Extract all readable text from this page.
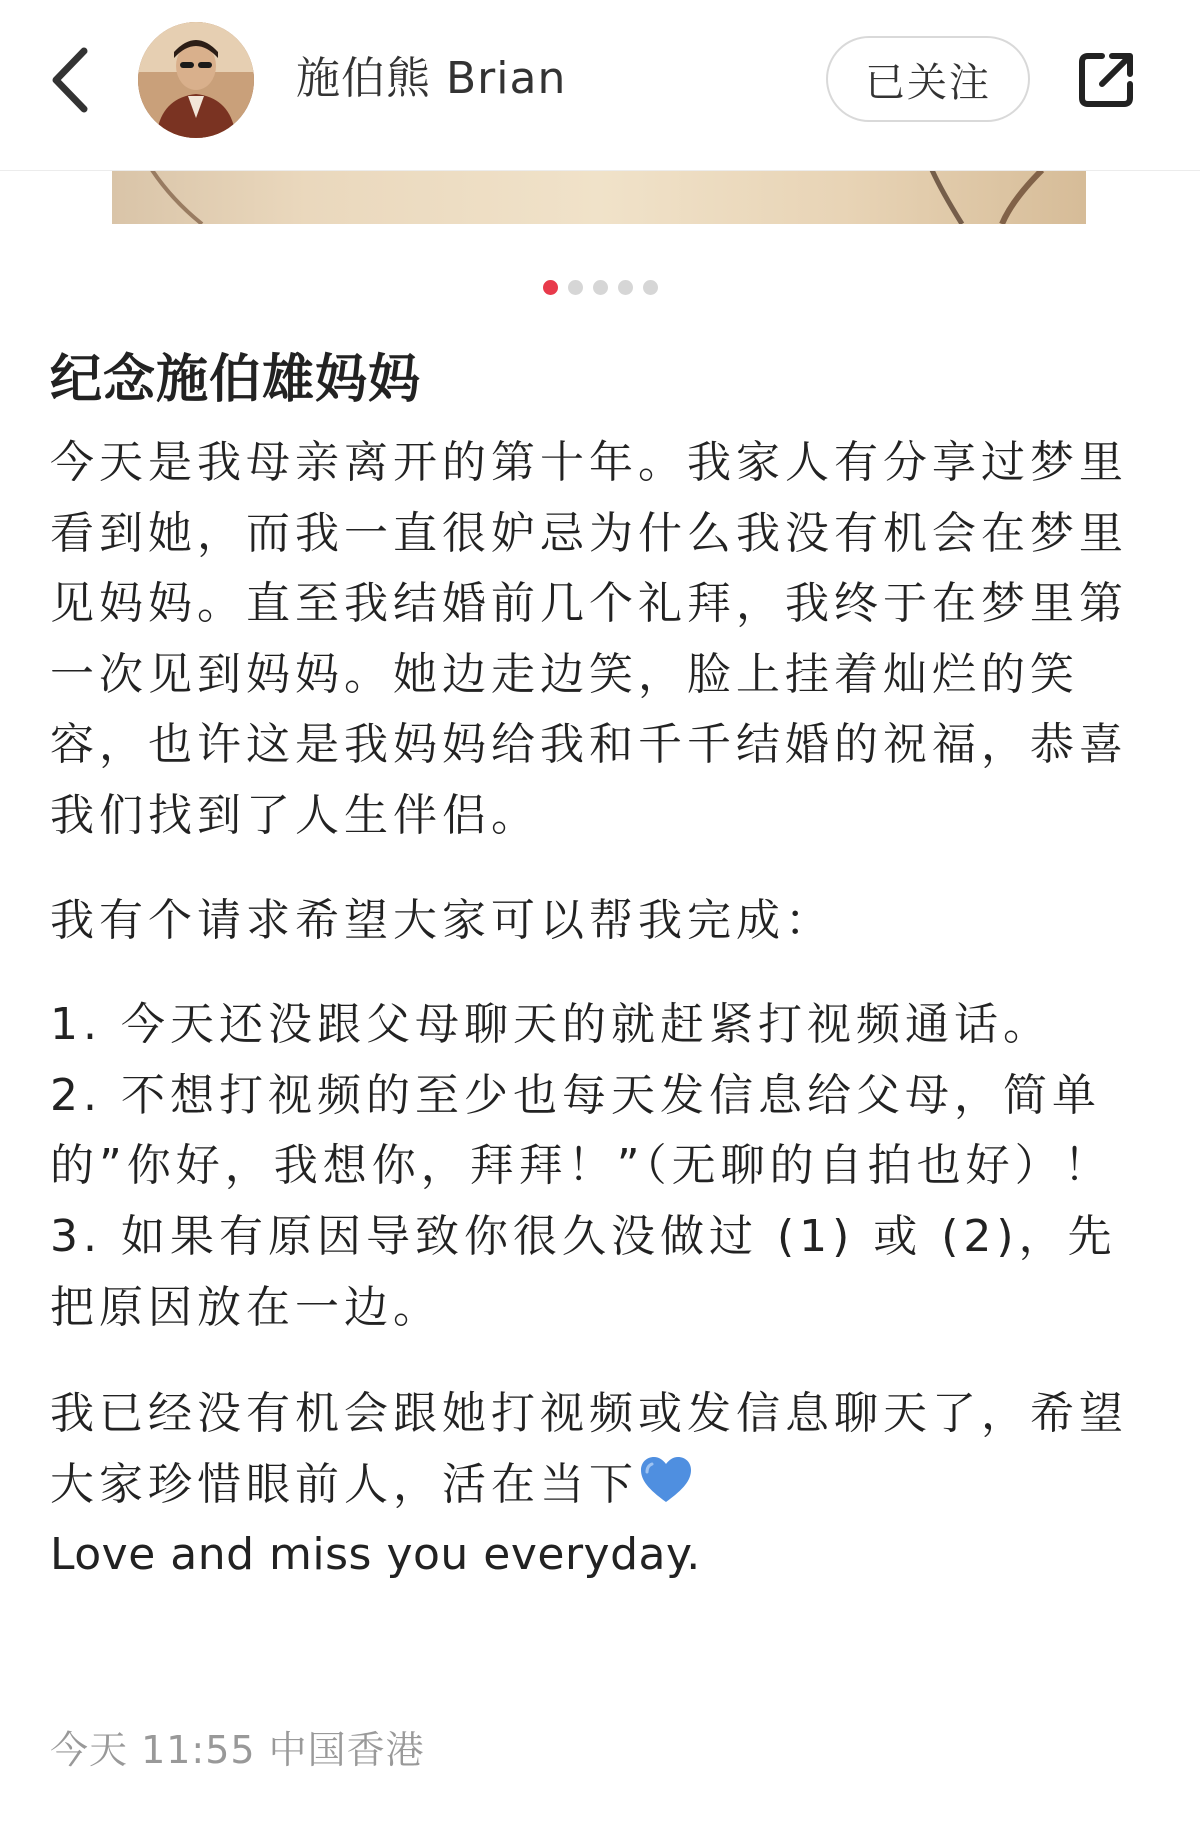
施伯熊 Brian	已关注
纪念施伯雄妈妈

今天是我母亲离开的第十年。我家人有分享过梦里看到她，而我一直很妒忌为什么我没有机会在梦里见妈妈。直至我结婚前几个礼拜，我终于在梦里第一次见到妈妈。她边走边笑，脸上挂着灿烂的笑容，也许这是我妈妈给我和千千结婚的祝福，恭喜我们找到了人生伴侣。

我有个请求希望大家可以帮我完成：

1. 今天还没跟父母聊天的就赶紧打视频通话。
2. 不想打视频的至少也每天发信息给父母，简单的”你好，我想你，拜拜！”（无聊的自拍也好）！
3. 如果有原因导致你很久没做过 (1) 或 (2)，先把原因放在一边。

我已经没有机会跟她打视频或发信息聊天了，希望大家珍惜眼前人，活在当下

Love and miss you everyday.

今天 11:55 中国香港
